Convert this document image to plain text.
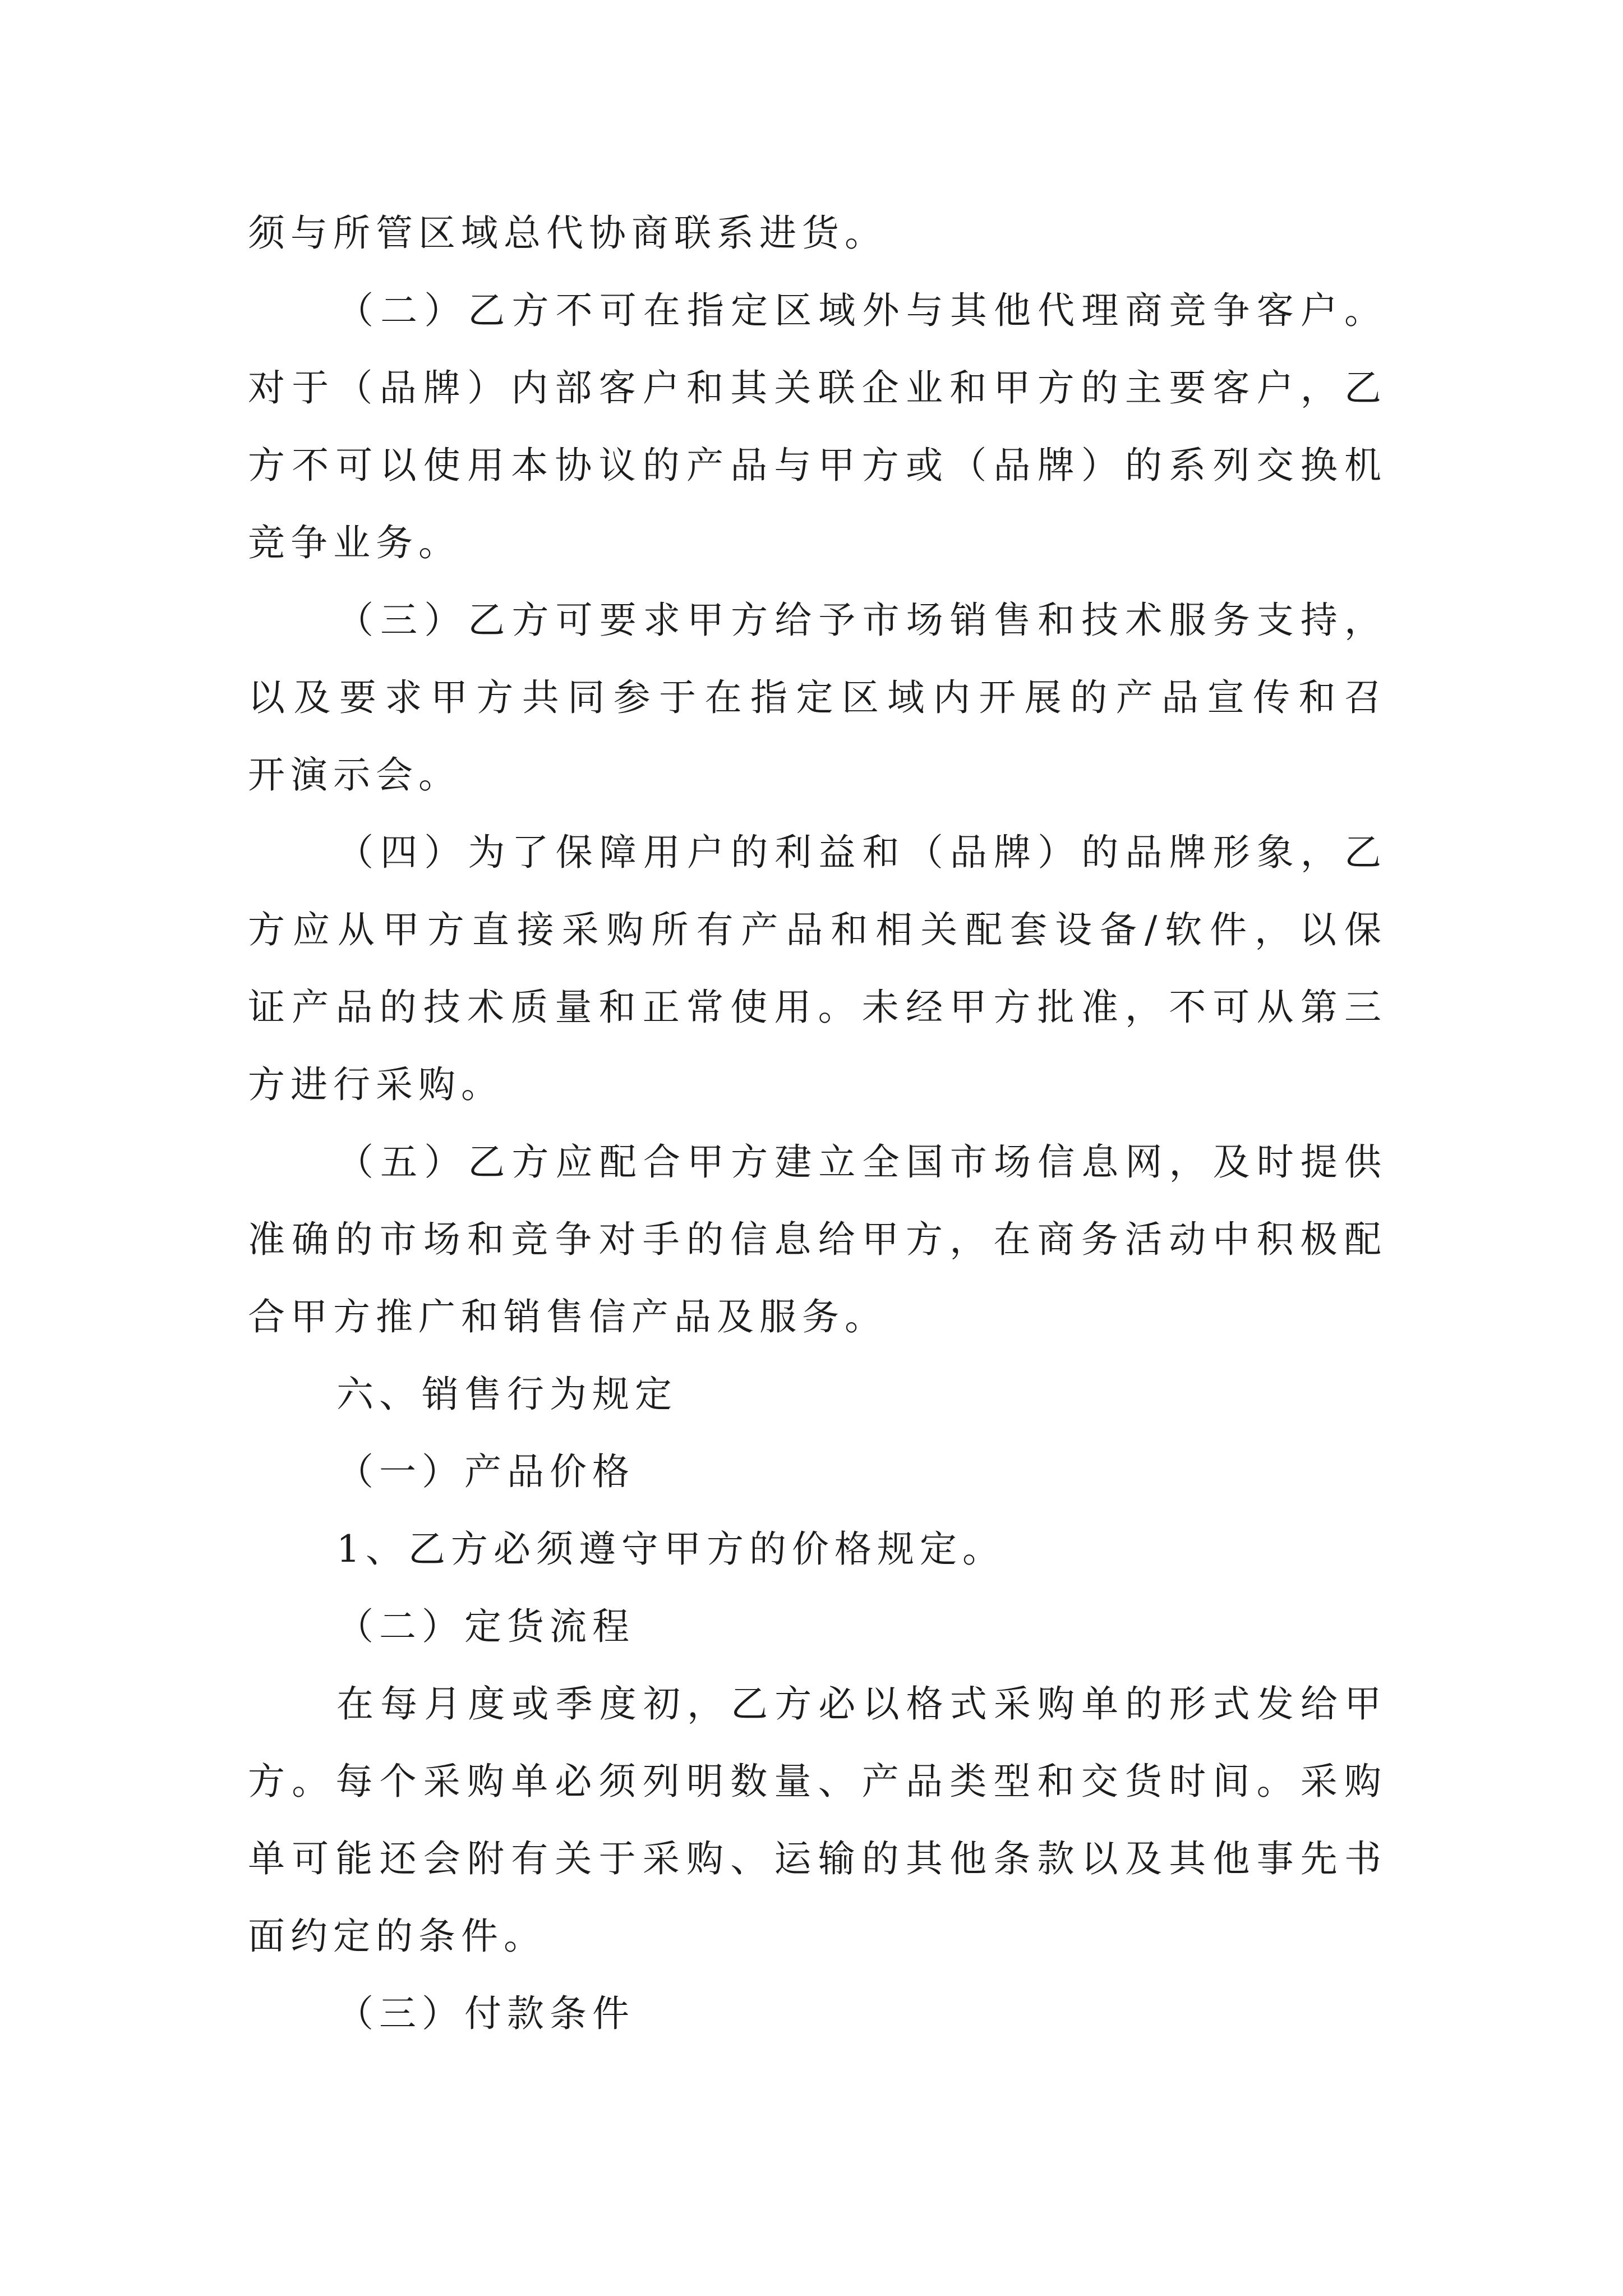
须与所管区域总代协商联系进货。
（二）乙方不可在指定区域外与其他代理商竞争客户。
对于（品牌）内部客户和其关联企业和甲方的主要客户，乙
方不可以使用本协议的产品与甲方或（品牌）的系列交换机
竞争业务。
（三）乙方可要求甲方给予市场销售和技术服务支持，
以及要求甲方共同参于在指定区域内开展的产品宣传和召
开演示会。
（四）为了保障用户的利益和（品牌）的品牌形象，乙
方应从甲方直接采购所有产品和相关配套设备/软件，以保
证产品的技术质量和正常使用。未经甲方批准，不可从第三
方进行采购。
（五）乙方应配合甲方建立全国市场信息网，及时提供
准确的市场和竞争对手的信息给甲方，在商务活动中积极配
合甲方推广和销售信产品及服务。
六、销售行为规定
（一）产品价格
1、乙方必须遵守甲方的价格规定。
（二）定货流程
在每月度或季度初，乙方必以格式采购单的形式发给甲
方。每个采购单必须列明数量、产品类型和交货时间。采购
单可能还会附有关于采购、运输的其他条款以及其他事先书
面约定的条件。
（三）付款条件
